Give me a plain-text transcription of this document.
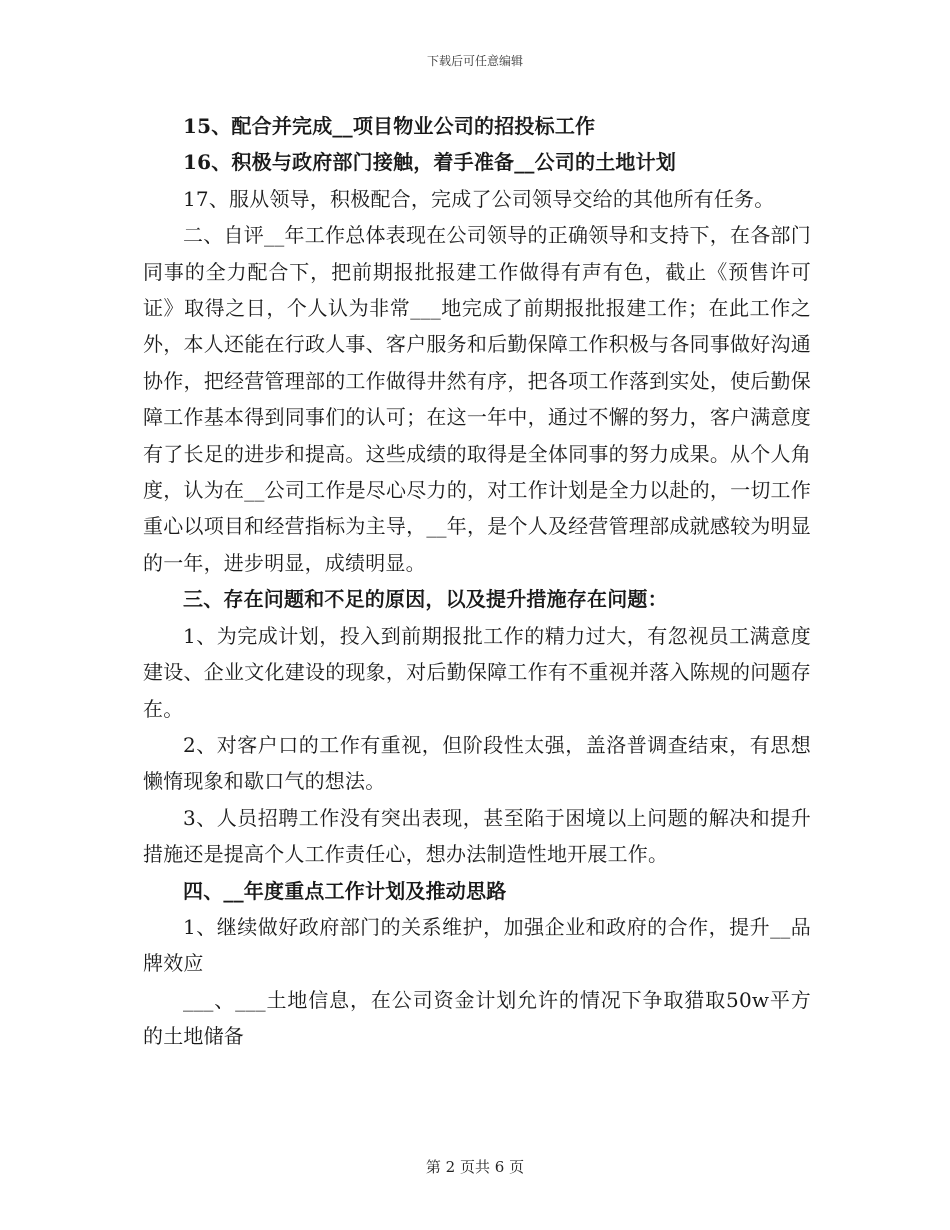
下载后可任意编辑

15、配合并完成__项目物业公司的招投标工作

16、积极与政府部门接触，着手准备__公司的土地计划

17、服从领导，积极配合，完成了公司领导交给的其他所有任务。

二、自评__年工作总体表现在公司领导的正确领导和支持下，在各部门同事的全力配合下，把前期报批报建工作做得有声有色，截止《预售许可证》取得之日，个人认为非常___地完成了前期报批报建工作；在此工作之外，本人还能在行政人事、客户服务和后勤保障工作积极与各同事做好沟通协作，把经营管理部的工作做得井然有序，把各项工作落到实处，使后勤保障工作基本得到同事们的认可；在这一年中，通过不懈的努力，客户满意度有了长足的进步和提高。这些成绩的取得是全体同事的努力成果。从个人角度，认为在__公司工作是尽心尽力的，对工作计划是全力以赴的，一切工作重心以项目和经营指标为主导，__年，是个人及经营管理部成就感较为明显的一年，进步明显，成绩明显。

三、存在问题和不足的原因，以及提升措施存在问题：

1、为完成计划，投入到前期报批工作的精力过大，有忽视员工满意度建设、企业文化建设的现象，对后勤保障工作有不重视并落入陈规的问题存在。

2、对客户口的工作有重视，但阶段性太强，盖洛普调查结束，有思想懒惰现象和歇口气的想法。

3、人员招聘工作没有突出表现，甚至陷于困境以上问题的解决和提升措施还是提高个人工作责任心，想办法制造性地开展工作。

四、__年度重点工作计划及推动思路

1、继续做好政府部门的关系维护，加强企业和政府的合作，提升__品牌效应

___、___土地信息，在公司资金计划允许的情况下争取猎取50w平方的土地储备

第 2 页共 6 页
